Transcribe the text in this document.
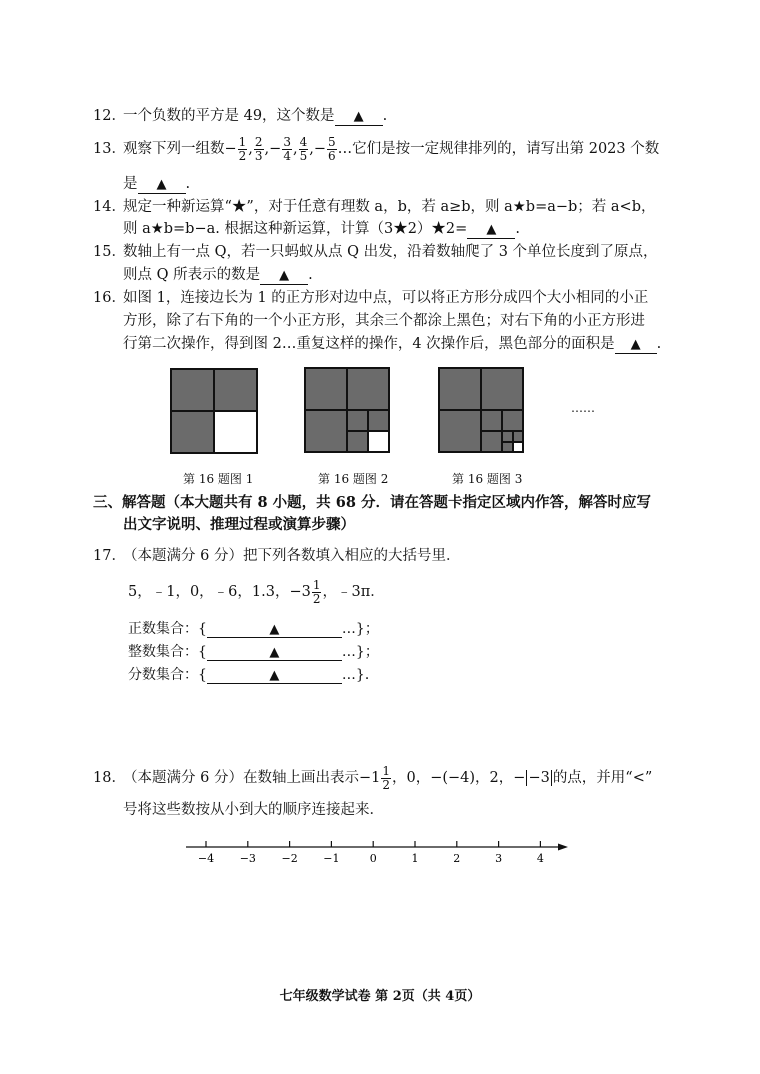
12．一个负数的平方是 49，这个数是 ▲ .
13．观察下列一组数− $\frac{1}{2}$ , $\frac{2}{3}$ ,− $\frac{3}{4}$ , $\frac{4}{5}$ ,− $\frac{5}{6}$ …它们是按一定规律排列的，请写出第 2023 个数
是 ▲ .
14．规定一种新运算“★”，对于任意有理数 a，b，若 a≥b，则 a★b=a−b；若 a<b，
则 a★b=b−a. 根据这种新运算，计算（3★2）★2= ▲ .
15．数轴上有一点 Q，若一只蚂蚁从点 Q 出发，沿着数轴爬了 3 个单位长度到了原点，
则点 Q 所表示的数是 ▲ .
16．如图 1，连接边长为 1 的正方形对边中点，可以将正方形分成四个大小相同的小正
方形，除了右下角的一个小正方形，其余三个都涂上黑色；对右下角的小正方形进
行第二次操作，得到图 2…重复这样的操作，4 次操作后，黑色部分的面积是 ▲ .
第 16 题图 1	第 16 题图 2	第 16 题图 3
……
三、解答题（本大题共有 8 小题，共 68 分．请在答题卡指定区域内作答，解答时应写
出文字说明、推理过程或演算步骤）
17．（本题满分 6 分）把下列各数填入相应的大括号里．
5，﹣1，0，﹣6，1.3，$-3 \frac{1}{2}$ ，﹣3π．
正数集合：{	▲	…}；
整数集合：{	▲	…}；
分数集合：{	▲	…}．
18．（本题满分 6 分）在数轴上画出表示$-1 \frac{1}{2}$ ，0，−(−4)，2，− −3 的点，并用“<”
号将这些数按从小到大的顺序连接起来．
−4 −3 −2 −1	0	1	2	3	4
七年级数学试卷 第 2页（共 4页）
